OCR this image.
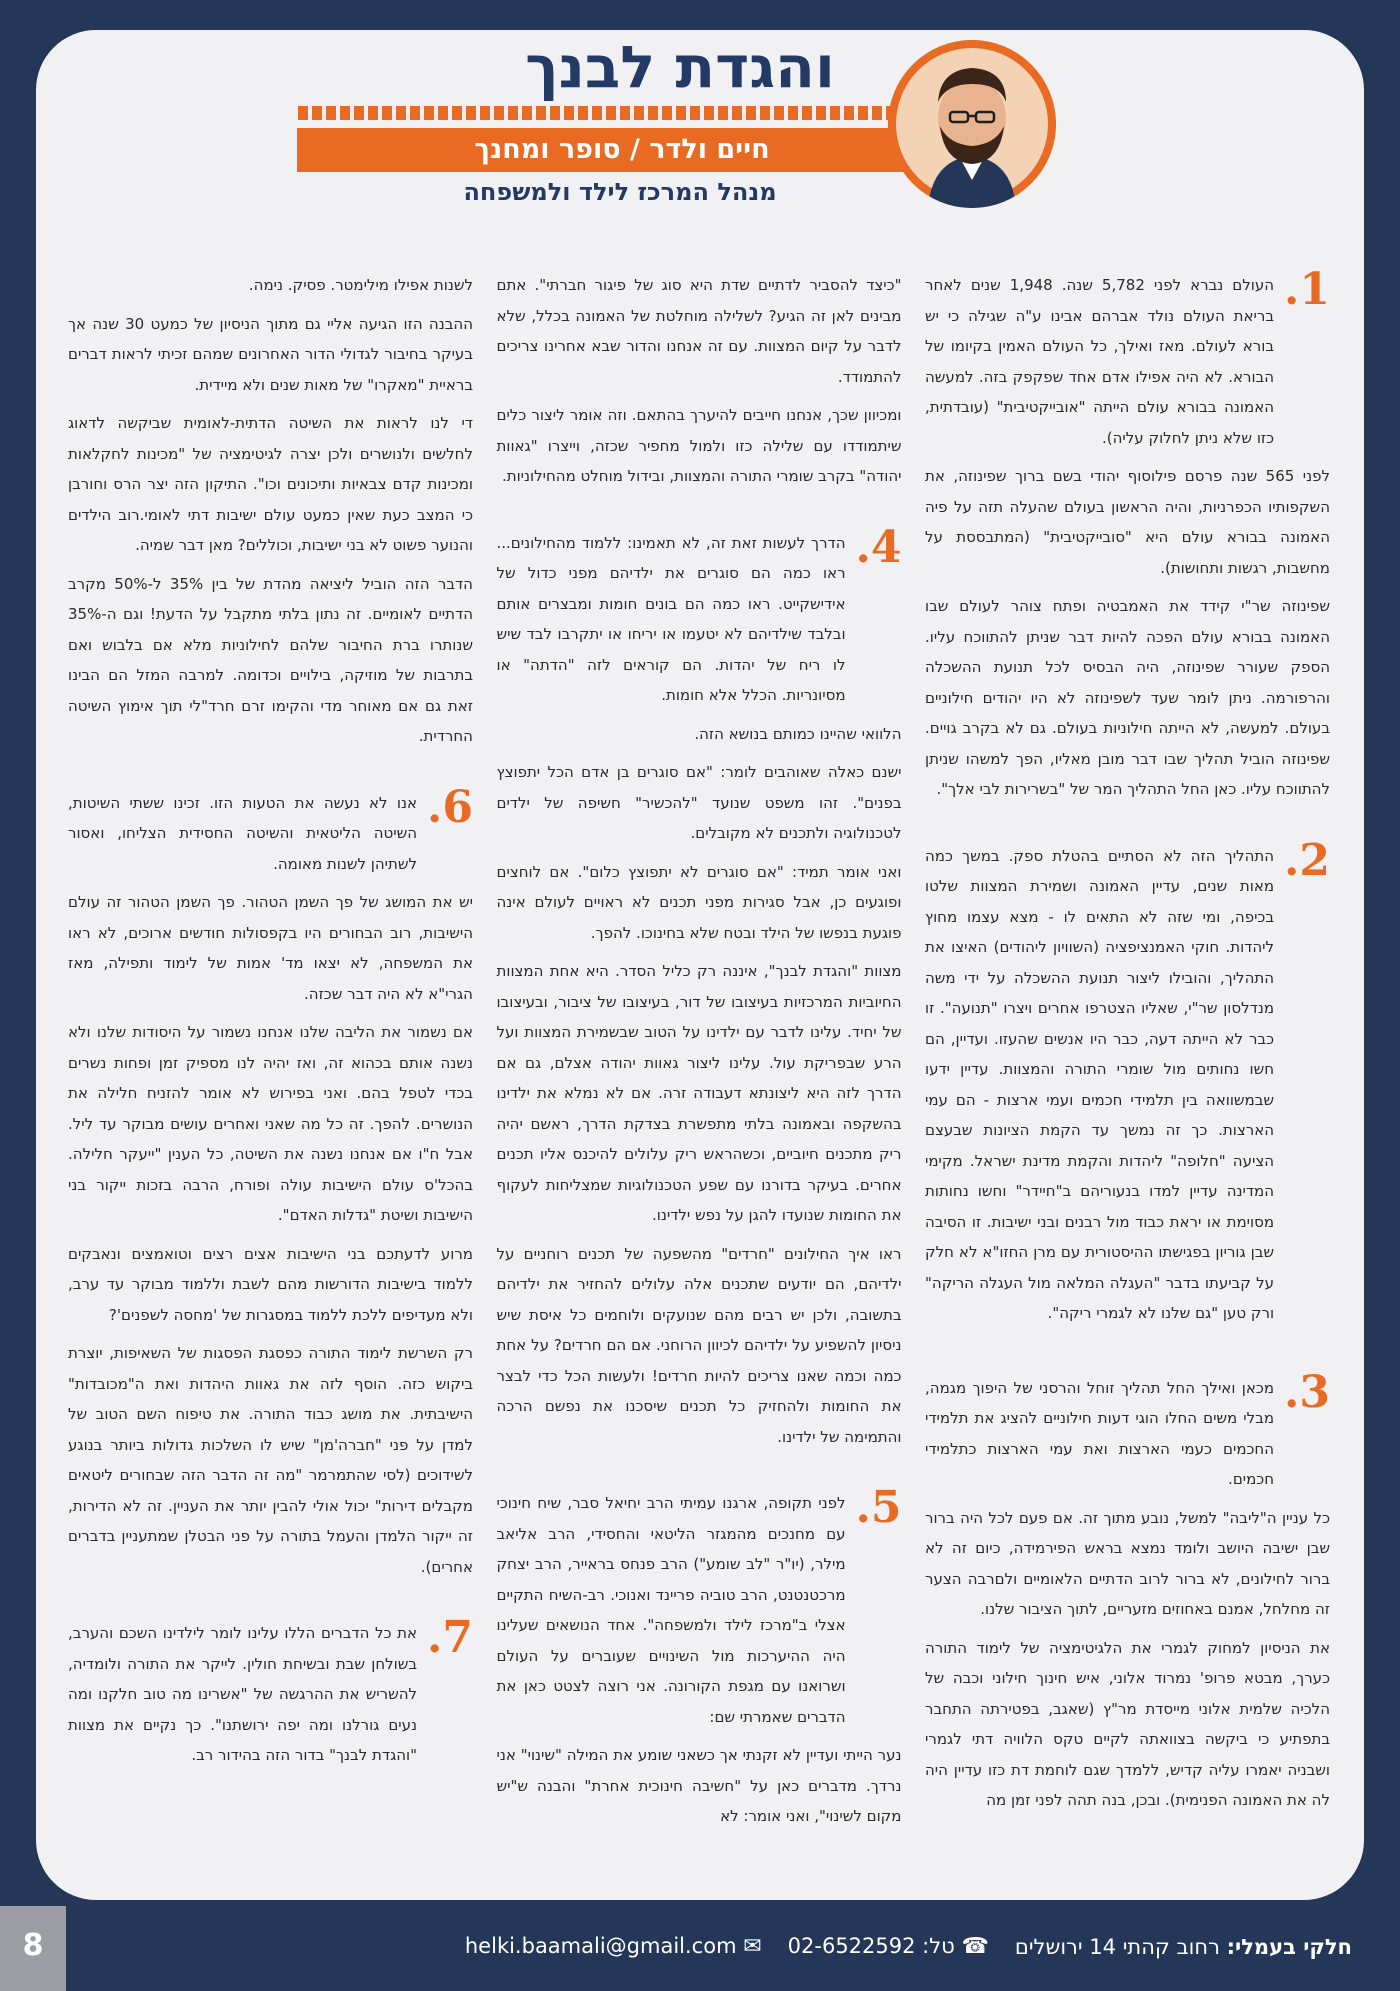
והגדת לבנך
חיים ולדר / סופר ומחנך
מנהל המרכז לילד ולמשפחה
1.

העולם נברא לפני 5,782 שנה. 1,948 שנים לאחר בריאת העולם נולד אברהם אבינו ע"ה שגילה כי יש בורא לעולם. מאז ואילך, כל העולם האמין בקיומו של הבורא. לא היה אפילו אדם אחד שפקפק בזה. למעשה האמונה בבורא עולם הייתה "אובייקטיבית" (עובדתית, כזו שלא ניתן לחלוק עליה).

לפני 565 שנה פרסם פילוסוף יהודי בשם ברוך שפינוזה, את השקפותיו הכפרניות, והיה הראשון בעולם שהעלה תזה על פיה האמונה בבורא עולם היא "סובייקטיבית" (המתבססת על מחשבות, רגשות ותחושות).

שפינוזה שר"י קידד את האמבטיה ופתח צוהר לעולם שבו האמונה בבורא עולם הפכה להיות דבר שניתן להתווכח עליו. הספק שעורר שפינוזה, היה הבסיס לכל תנועת ההשכלה והרפורמה. ניתן לומר שעד לשפינוזה לא היו יהודים חילוניים בעולם. למעשה, לא הייתה חילוניות בעולם. גם לא בקרב גויים. שפינוזה הוביל תהליך שבו דבר מובן מאליו, הפך למשהו שניתן להתווכח עליו. כאן החל התהליך המר של "בשרירות לבי אלך".

2.

התהליך הזה לא הסתיים בהטלת ספק. במשך כמה מאות שנים, עדיין האמונה ושמירת המצוות שלטו בכיפה, ומי שזה לא התאים לו - מצא עצמו מחוץ ליהדות. חוקי האמנציפציה (השוויון ליהודים) האיצו את התהליך, והובילו ליצור תנועת ההשכלה על ידי משה מנדלסון שר"י, שאליו הצטרפו אחרים ויצרו "תנועה". זו כבר לא הייתה דעה, כבר היו אנשים שהעזו. ועדיין, הם חשו נחותים מול שומרי התורה והמצוות. עדיין ידעו שבמשוואה בין תלמידי חכמים ועמי ארצות - הם עמי הארצות. כך זה נמשך עד הקמת הציונות שבעצם הציעה "חלופה" ליהדות והקמת מדינת ישראל. מקימי המדינה עדיין למדו בנעוריהם ב"חיידר" וחשו נחותות מסוימת או יראת כבוד מול רבנים ובני ישיבות. זו הסיבה שבן גוריון בפגישתו ההיסטורית עם מרן החזו"א לא חלק על קביעתו בדבר "העגלה המלאה מול העגלה הריקה" ורק טען "גם שלנו לא לגמרי ריקה".

3.

מכאן ואילך החל תהליך זוחל והרסני של היפוך מגמה, מבלי משים החלו הוגי דעות חילוניים להציג את תלמידי החכמים כעמי הארצות ואת עמי הארצות כתלמידי חכמים.

כל עניין ה"ליבה" למשל, נובע מתוך זה. אם פעם לכל היה ברור שבן ישיבה היושב ולומד נמצא בראש הפירמידה, כיום זה לא ברור לחילונים, לא ברור לרוב הדתיים הלאומיים ולםרבה הצער זה מחלחל, אמנם באחוזים מזעריים, לתוך הציבור שלנו.

את הניסיון למחוק לגמרי את הלגיטימציה של לימוד התורה כערך, מבטא פרופ' נמרוד אלוני, איש חינוך חילוני וכבה של הלכיה שלמית אלוני מייסדת מר"ץ (שאגב, בפטירתה התחבר בתפתיע כי ביקשה בצוואתה לקיים טקס הלוויה דתי לגמרי ושבניה יאמרו עליה קדיש, ללמדך שגם לוחמת דת כזו עדיין היה לה את האמונה הפנימית). ובכן, בנה תהה לפני זמן מה

"כיצד להסביר לדתיים שדת היא סוג של פיגור חברתי". אתם מבינים לאן זה הגיע? לשלילה מוחלטת של האמונה בכלל, שלא לדבר על קיום המצוות. עם זה אנחנו והדור שבא אחרינו צריכים להתמודד.

ומכיוון שכך, אנחנו חייבים להיערך בהתאם. וזה אומר ליצור כלים שיתמודדו עם שלילה כזו ולמול מחפיר שכזה, וייצרו "גאוות יהודה" בקרב שומרי התורה והמצוות, ובידול מוחלט מהחילוניות.

4.

הדרך לעשות זאת זה, לא תאמינו: ללמוד מהחילונים... ראו כמה הם סוגרים את ילדיהם מפני כדול של אידישקייט. ראו כמה הם בונים חומות ומבצרים אותם ובלבד שילדיהם לא יטעמו או יריחו או יתקרבו לבד שיש לו ריח של יהדות. הם קוראים לזה "הדתה" או מסיונריות. הכלל אלא חומות.

הלוואי שהיינו כמותם בנושא הזה.

ישנם כאלה שאוהבים לומר: "אם סוגרים בן אדם הכל יתפוצץ בפנים". זהו משפט שנועד "להכשיר" חשיפה של ילדים לטכנולוגיה ולתכנים לא מקובלים.

ואני אומר תמיד: "אם סוגרים לא יתפוצץ כלום". אם לוחצים ופוגעים כן, אבל סגירות מפני תכנים לא ראויים לעולם אינה פוגעת בנפשו של הילד ובטח שלא בחינוכו. להפך.

מצוות "והגדת לבנך", איננה רק כליל הסדר. היא אחת המצוות החיוביות המרכזיות בעיצובו של דור, בעיצובו של ציבור, ובעיצובו של יחיד. עלינו לדבר עם ילדינו על הטוב שבשמירת המצוות ועל הרע שבפריקת עול. עלינו ליצור גאוות יהודה אצלם, גם אם הדרך לזה היא ליצונתא דעבודה זרה. אם לא נמלא את ילדינו בהשקפה ובאמונה בלתי מתפשרת בצדקת הדרך, ראשם יהיה ריק מתכנים חיוביים, וכשהראש ריק עלולים להיכנס אליו תכנים אחרים. בעיקר בדורנו עם שפע הטכנולוגיות שמצליחות לעקוף את החומות שנועדו להגן על נפש ילדינו.

ראו איך החילונים "חרדים" מהשפעה של תכנים רוחניים על ילדיהם, הם יודעים שתכנים אלה עלולים להחזיר את ילדיהם בתשובה, ולכן יש רבים מהם שנועקים ולוחמים כל איסת שיש ניסיון להשפיע על ילדיהם לכיוון הרוחני. אם הם חרדים? על אחת כמה וכמה שאנו צריכים להיות חרדים! ולעשות הכל כדי לבצר את החומות ולהחזיק כל תכנים שיסכנו את נפשם הרכה והתמימה של ילדינו.

5.

לפני תקופה, ארגנו עמיתי הרב יחיאל סבר, שיח חינוכי עם מחנכים מהמגזר הליטאי והחסידי, הרב אליאב מילר, (יו"ר "לב שומע") הרב פנחס בראייר, הרב יצחק מרכטנטנט, הרב טוביה פריינד ואנוכי. רב-השיח התקיים אצלי ב"מרכז לילד ולמשפחה". אחד הנושאים שעלינו היה ההיערכות מול השינויים שעוברים על העולם ושרואנו עם מגפת הקורונה. אני רוצה לצטט כאן את הדברים שאמרתי שם:

נער הייתי ועדיין לא זקנתי אך כשאני שומע את המילה "שינוי" אני נרדך. מדברים כאן על "חשיבה חינוכית אחרת" והבנה ש"יש מקום לשינוי", ואני אומר: לא

לשנות אפילו מילימטר. פסיק. נימה.

ההבנה הזו הגיעה אליי גם מתוך הניסיון של כמעט 30 שנה אך בעיקר בחיבור לגדולי הדור האחרונים שמהם זכיתי לראות דברים בראיית "מאקרו" של מאות שנים ולא מיידית.

די לנו לראות את השיטה הדתית-לאומית שביקשה לדאוג לחלשים ולנושרים ולכן יצרה לגיטימציה של "מכינות לחקלאות ומכינות קדם צבאיות ותיכונים וכו". התיקון הזה יצר הרס וחורבן כי המצב כעת שאין כמעט עולם ישיבות דתי לאומי.רוב הילדים והנוער פשוט לא בני ישיבות, וכוללים? מאן דבר שמיה.

הדבר הזה הוביל ליציאה מהדת של בין 35% ל-50% מקרב הדתיים לאומיים. זה נתון בלתי מתקבל על הדעת! וגם ה-35% שנותרו ברת החיבור שלהם לחילוניות מלא אם בלבוש ואם בתרבות של מוזיקה, בילויים וכדומה. למרבה המזל הם הבינו זאת גם אם מאוחר מדי והקימו זרם חרד"לי תוך אימוץ השיטה החרדית.

6.

אנו לא נעשה את הטעות הזו. זכינו ששתי השיטות, השיטה הליטאית והשיטה החסידית הצליחו, ואסור לשתיהן לשנות מאומה.

יש את המושג של פך השמן הטהור. פך השמן הטהור זה עולם הישיבות, רוב הבחורים היו בקפסולות חודשים ארוכים, לא ראו את המשפחה, לא יצאו מד' אמות של לימוד ותפילה, מאז הגרי"א לא היה דבר שכזה.

אם נשמור את הליבה שלנו אנחנו נשמור על היסודות שלנו ולא נשנה אותם בכהוא זה, ואז יהיה לנו מספיק זמן ופחות נשרים בכדי לטפל בהם. ואני בפירוש לא אומר להזניח חלילה את הנושרים. להפך. זה כל מה שאני ואחרים עושים מבוקר עד ליל. אבל ח"ו אם אנחנו נשנה את השיטה, כל הענין "ייעקר חלילה. בהכל'ס עולם הישיבות עולה ופורח, הרבה בזכות ייקור בני הישיבות ושיטת "גדלות האדם".

מרוע לדעתכם בני הישיבות אצים רצים וטואמצים ונאבקים ללמוד בישיבות הדורשות מהם לשבת וללמוד מבוקר עד ערב, ולא מעדיפים ללכת ללמוד במסגרות של 'מחסה לשפנים'?

רק השרשת לימוד התורה כפסגת הפסגות של השאיפות, יוצרת ביקוש כזה. הוסף לזה את גאוות היהדות ואת ה"מכובדות" הישיבתית. את מושג כבוד התורה. את טיפוח השם הטוב של למדן על פני "חברה'מן" שיש לו השלכות גדולות ביותר בנוגע לשידוכים (לסי שהתמרמר "מה זה הדבר הזה שבחורים ליטאים מקבלים דירות" יכול אולי להבין יותר את העניין. זה לא הדירות, זה ייקור הלמדן והעמל בתורה על פני הבטלן שמתעניין בדברים אחרים).

7.

את כל הדברים הללו עלינו לומר לילדינו השכם והערב, בשולחן שבת ובשיחת חולין. לייקר את התורה ולומדיה, להשריש את ההרגשה של "אשרינו מה טוב חלקנו ומה נעים גורלנו ומה יפה ירושתנו". כך נקיים את מצוות "והגדת לבנך" בדור הזה בהידור רב.

8	חלקי בעמלי: רחוב קהתי 14 ירושלים
☎ טל: 02-6522592
✉ helki.baamali@gmail.com
